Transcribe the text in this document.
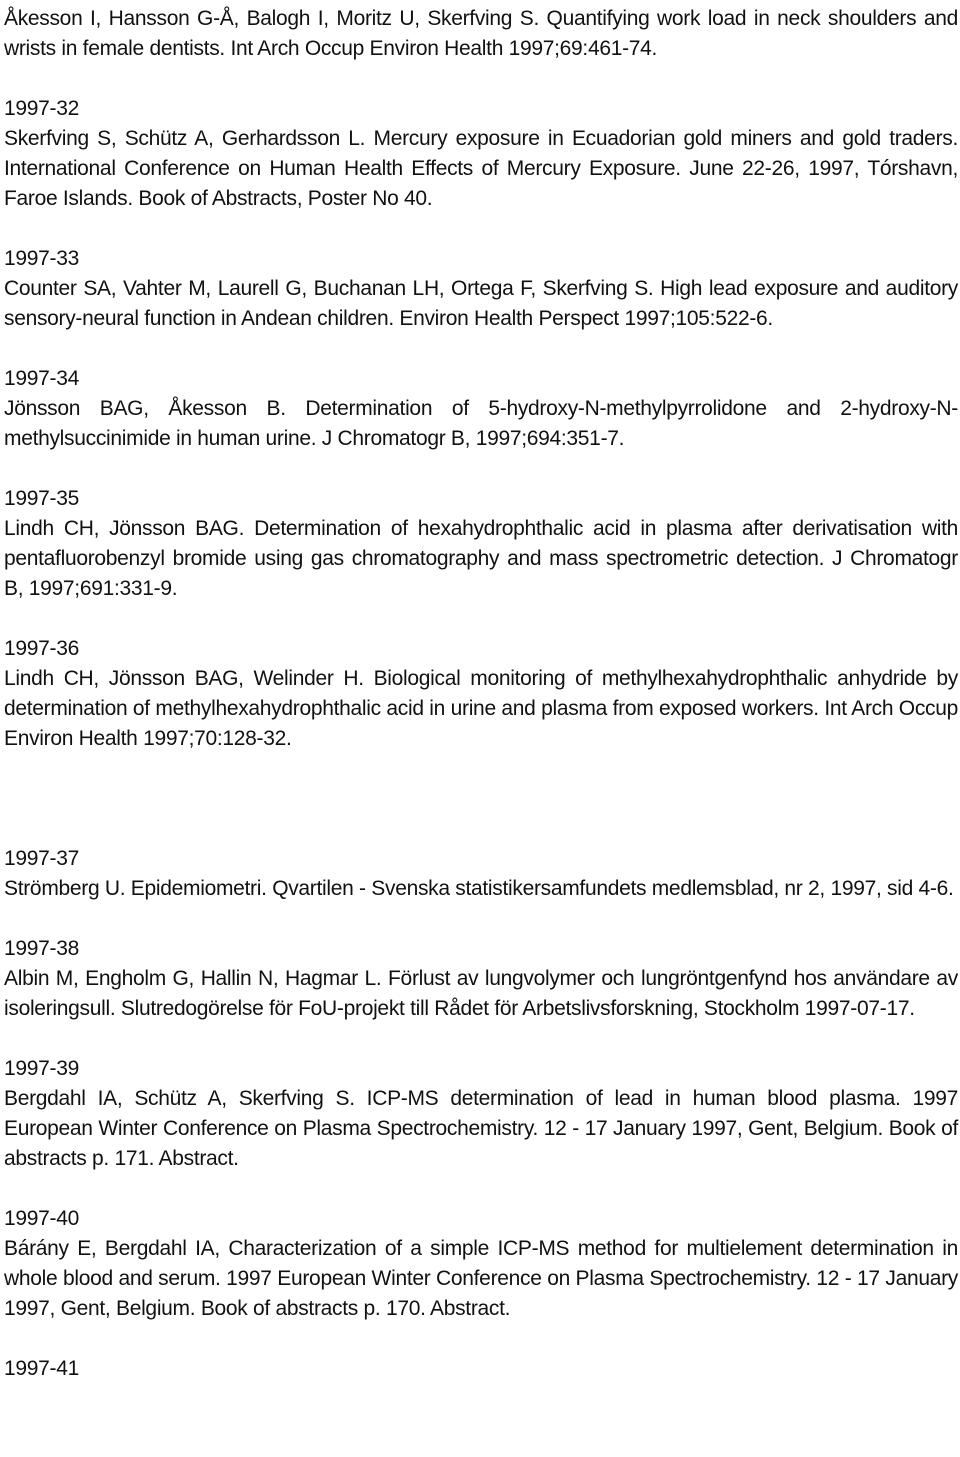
Åkesson I, Hansson G-Å, Balogh I, Moritz U, Skerfving S. Quantifying work load in neck shoulders and wrists in female dentists. Int Arch Occup Environ Health 1997;69:461-74.

1997-32

Skerfving S, Schütz A, Gerhardsson L. Mercury exposure in Ecuadorian gold miners and gold traders. International Conference on Human Health Effects of Mercury Exposure. June 22-26, 1997, Tórshavn, Faroe Islands. Book of Abstracts, Poster No 40.

1997-33

Counter SA, Vahter M, Laurell G, Buchanan LH, Ortega F, Skerfving S. High lead exposure and auditory sensory-neural function in Andean children. Environ Health Perspect 1997;105:522-6.

1997-34

Jönsson BAG, Åkesson B. Determination of 5-hydroxy-N-methylpyrrolidone and 2-hydroxy-N-methylsuccinimide in human urine. J Chromatogr B, 1997;694:351-7.

1997-35

Lindh CH, Jönsson BAG. Determination of hexahydrophthalic acid in plasma after derivatisation with pentafluorobenzyl bromide using gas chromatography and mass spectrometric detection. J Chromatogr B, 1997;691:331-9.

1997-36

Lindh CH, Jönsson BAG, Welinder H. Biological monitoring of methylhexahydrophthalic anhydride by determination of methylhexahydrophthalic acid in urine and plasma from exposed workers. Int Arch Occup Environ Health 1997;70:128-32.

1997-37

Strömberg U. Epidemiometri. Qvartilen - Svenska statistikersamfundets medlemsblad, nr 2, 1997, sid 4-6.

1997-38

Albin M, Engholm G, Hallin N, Hagmar L. Förlust av lungvolymer och lungröntgenfynd hos användare av isoleringsull. Slutredogörelse för FoU-projekt till Rådet för Arbetslivsforskning, Stockholm 1997-07-17.

1997-39

Bergdahl IA, Schütz A, Skerfving S. ICP-MS determination of lead in human blood plasma. 1997 European Winter Conference on Plasma Spectrochemistry. 12 - 17 January 1997, Gent, Belgium. Book of abstracts p. 171. Abstract.

1997-40

Bárány E, Bergdahl IA, Characterization of a simple ICP-MS method for multielement determination in whole blood and serum. 1997 European Winter Conference on Plasma Spectrochemistry. 12 - 17 January 1997, Gent, Belgium. Book of abstracts p. 170. Abstract.

1997-41
